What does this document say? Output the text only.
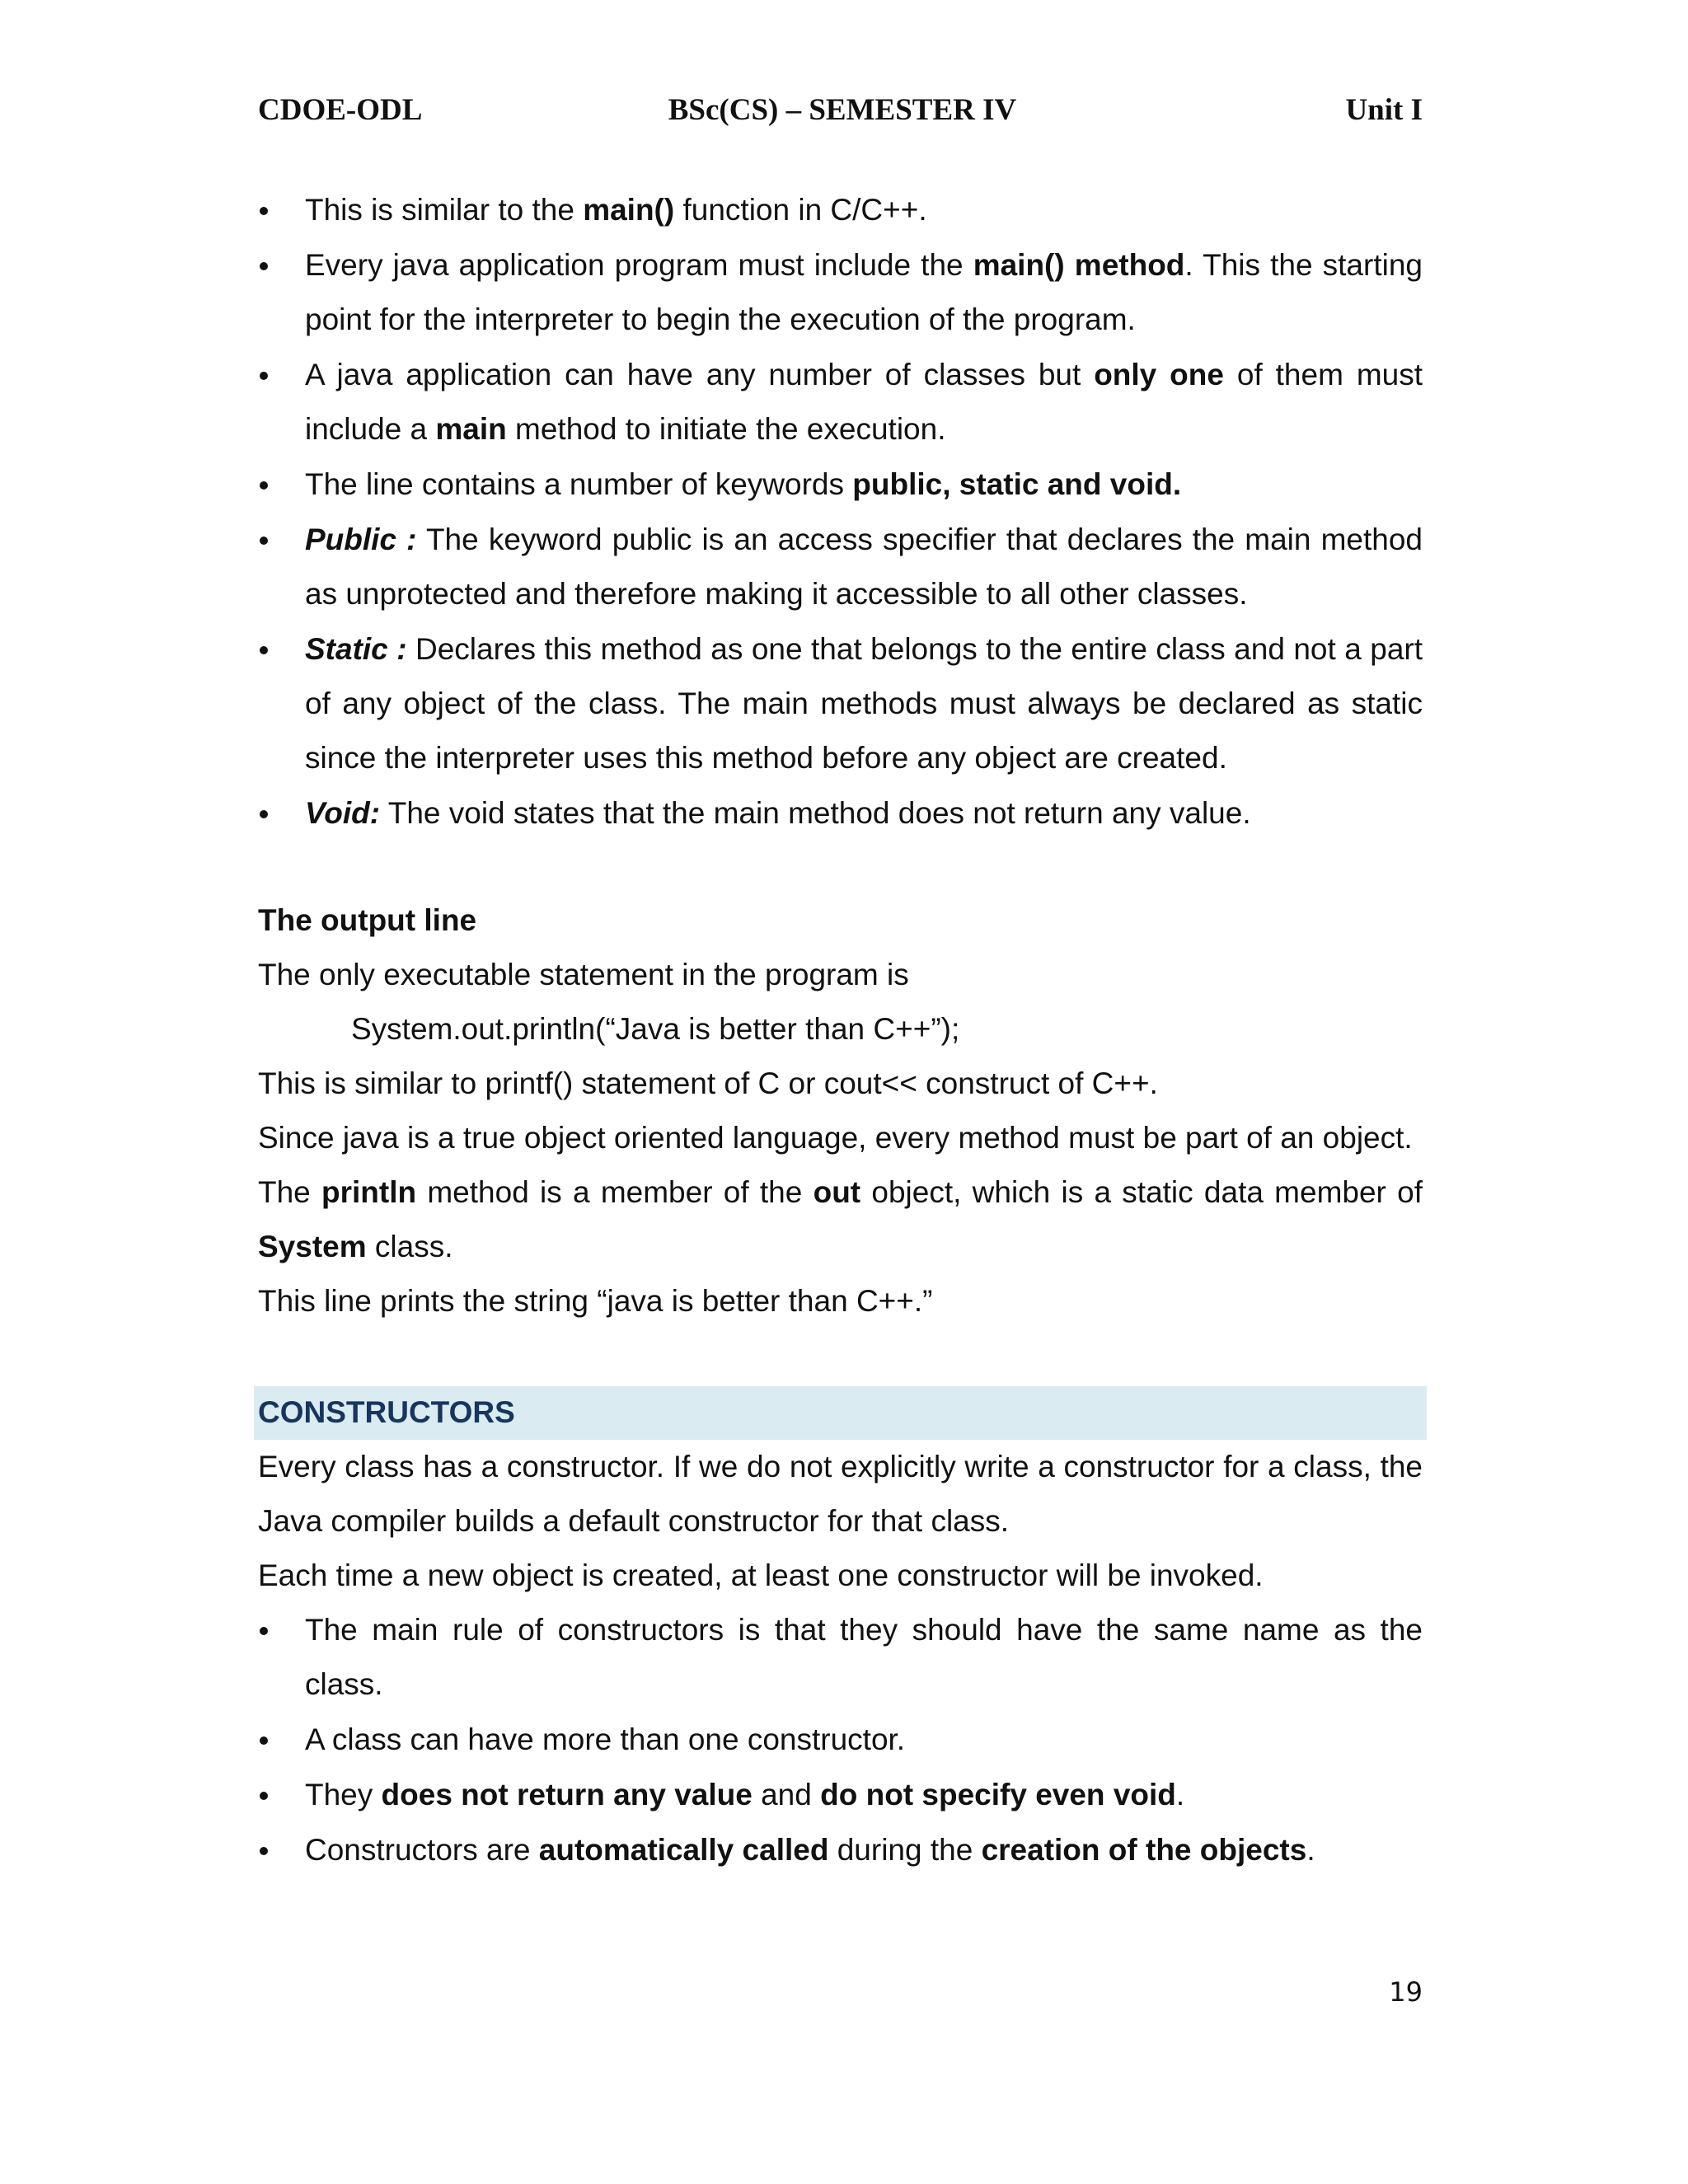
CDOE-ODL	BSc(CS) – SEMESTER IV	Unit I
This is similar to the main() function in C/C++.
Every java application program must include the main() method. This the starting point for the interpreter to begin the execution of the program.
A java application can have any number of classes but only one of them must include a main method to initiate the execution.
The line contains a number of keywords public, static and void.
Public : The keyword public is an access specifier that declares the main method as unprotected and therefore making it accessible to all other classes.
Static : Declares this method as one that belongs to the entire class and not a part of any object of the class. The main methods must always be declared as static since the interpreter uses this method before any object are created.
Void: The void states that the main method does not return any value.

The output line

The only executable statement in the program is

System.out.println(“Java is better than C++”);

This is similar to printf() statement of C or cout<< construct of C++.

Since java is a true object oriented language, every method must be part of an object.

The println method is a member of the out object, which is a static data member of System class.

This line prints the string “java is better than C++.”

CONSTRUCTORS

Every class has a constructor. If we do not explicitly write a constructor for a class, the Java compiler builds a default constructor for that class.

Each time a new object is created, at least one constructor will be invoked.

The main rule of constructors is that they should have the same name as the class.
A class can have more than one constructor.
They does not return any value and do not specify even void.
Constructors are automatically called during the creation of the objects.
19
